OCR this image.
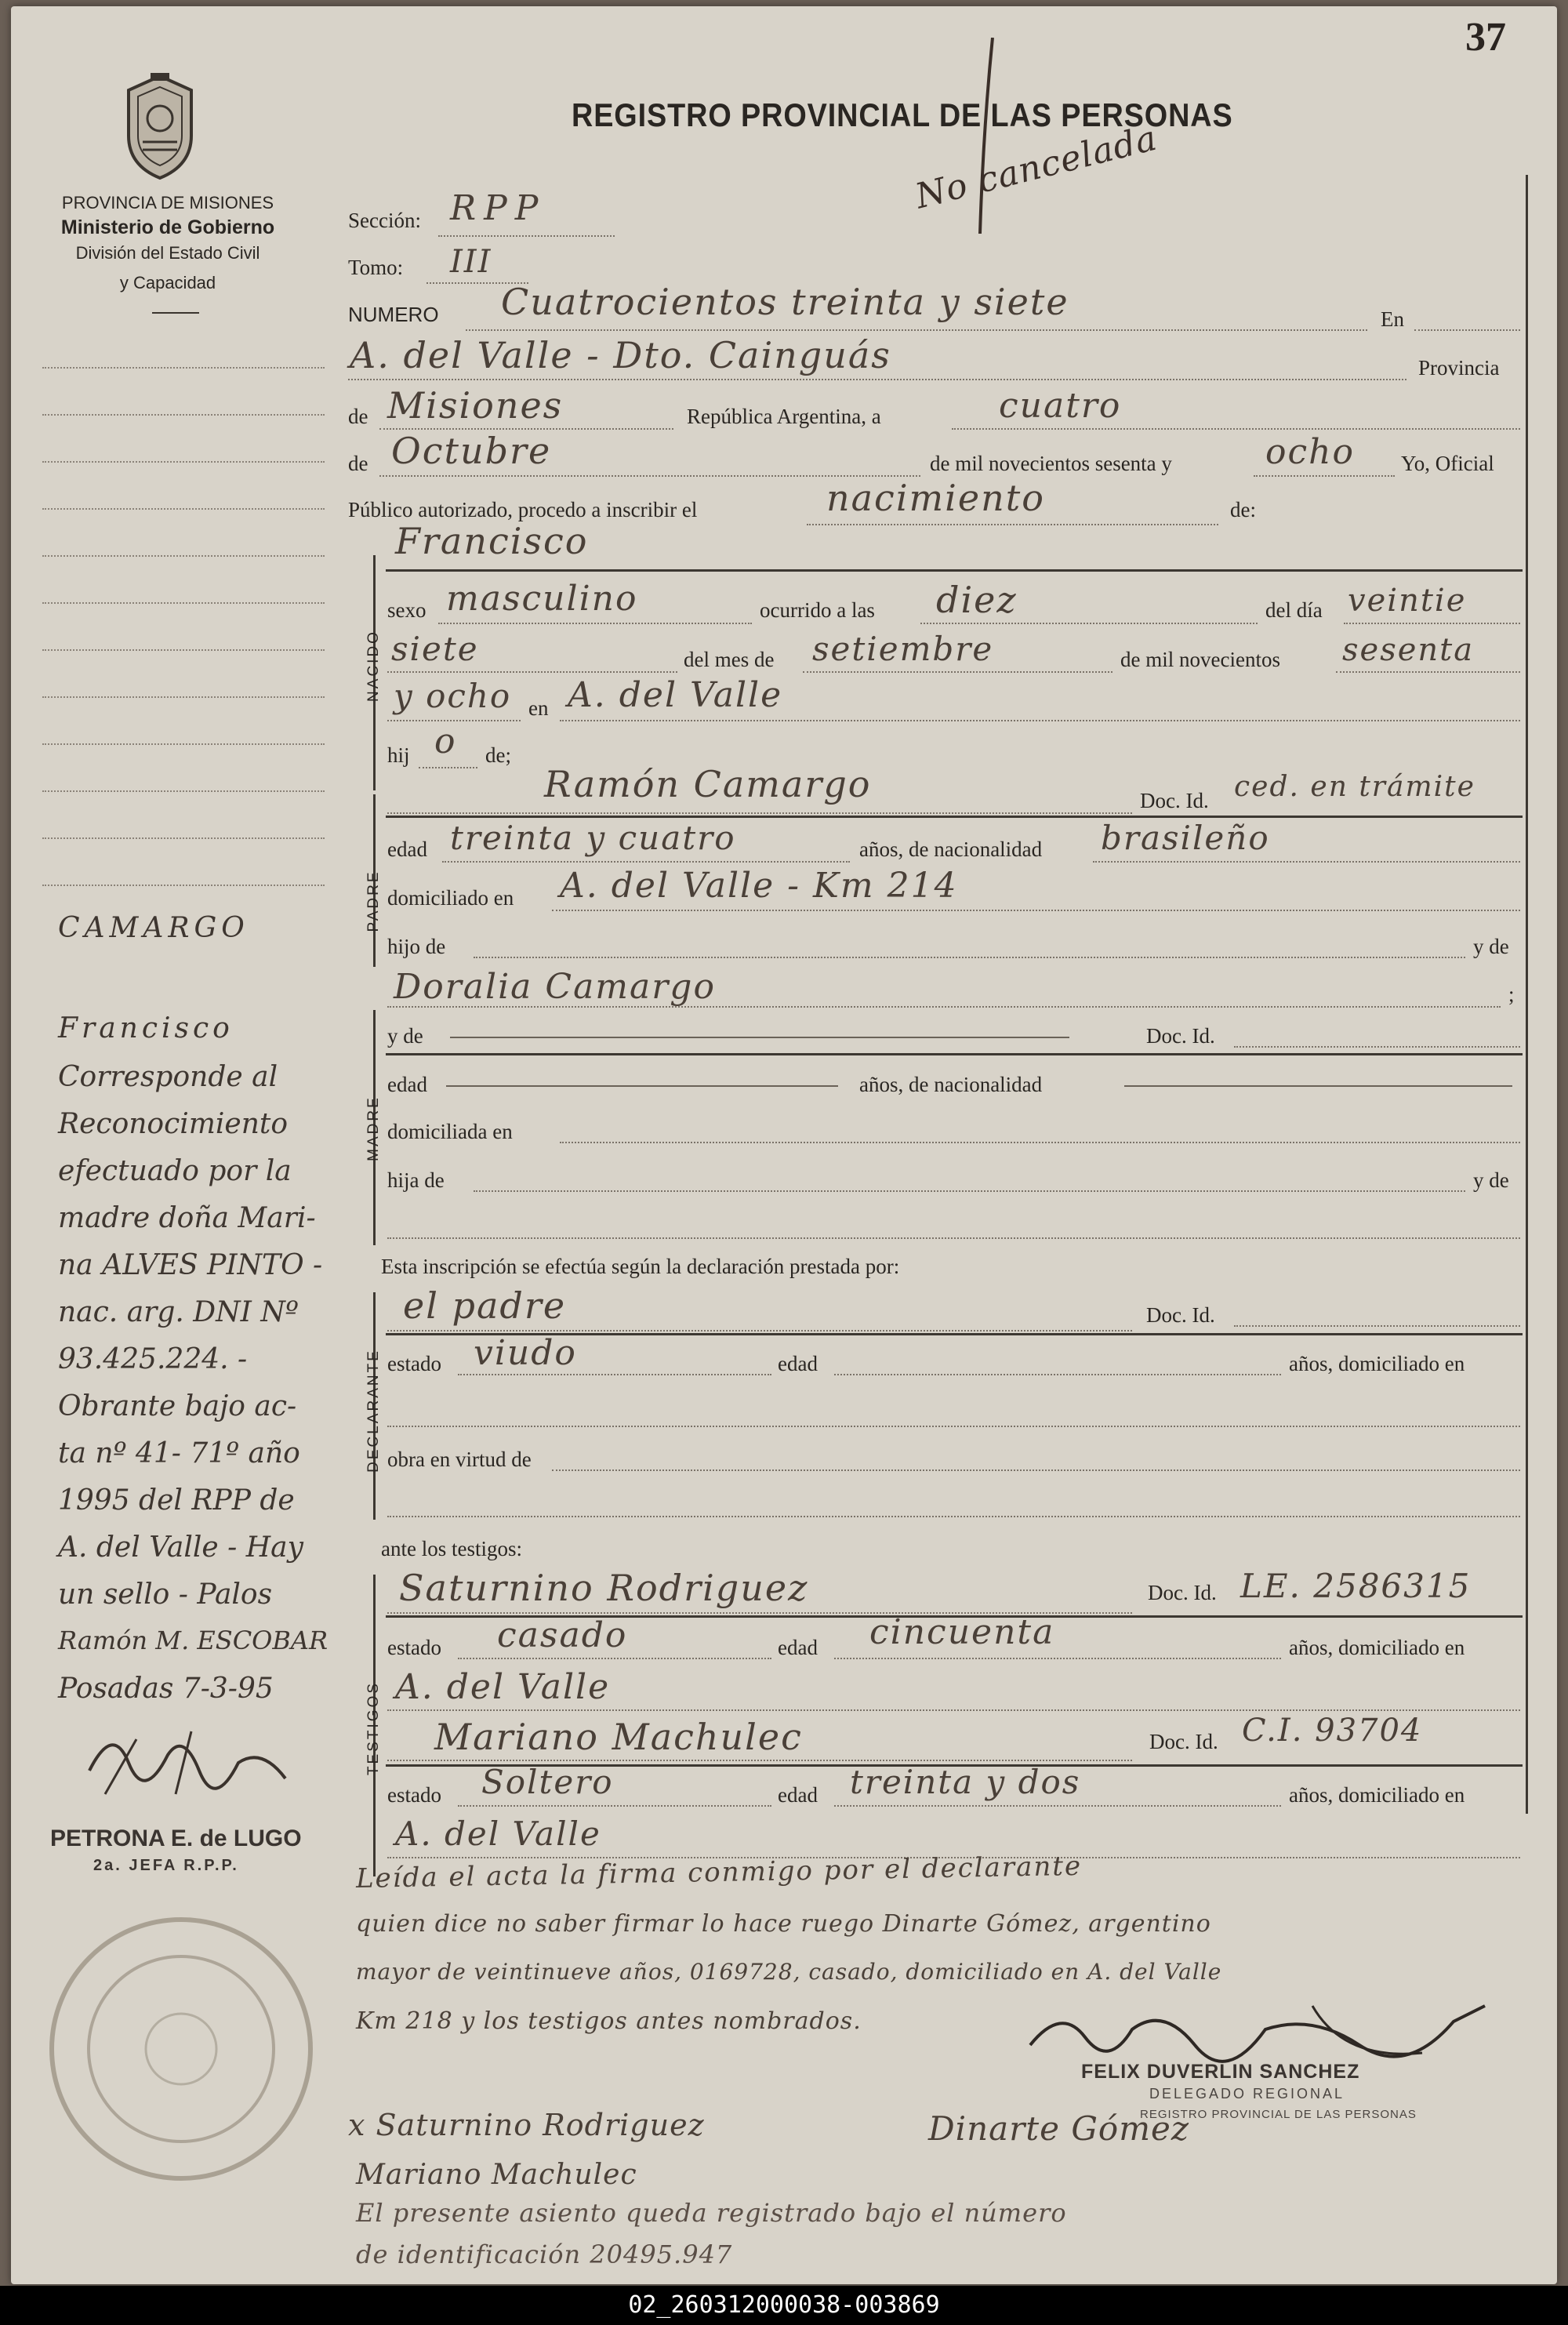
37
PROVINCIA DE MISIONES
Ministerio de Gobierno
División del Estado Civil
y Capacidad
CAMARGO
Francisco
Corresponde al
Reconocimiento
efectuado por la
madre doña Mari-
na ALVES PINTO -
nac. arg. DNI Nº
93.425.224. -
Obrante bajo ac-
ta nº 41- 71º año
1995 del RPP de
A. del Valle - Hay
un sello - Palos
Ramón M. ESCOBAR
Posadas 7-3-95
PETRONA E. de LUGO
2a. JEFA R.P.P.
REGISTRO PROVINCIAL DE LAS PERSONAS
No cancelada
Sección: RPP
Tomo: III
NUMERO Cuatrocientos treinta y siete	En
A. del Valle - Dto. Cainguás	Provincia
de Misiones	República Argentina, a	cuatro
de Octubre	de mil novecientos sesenta y	ocho Yo, Oficial
Público autorizado, procedo a inscribir el	nacimiento	de:
NACIDO
Francisco
sexo masculino	ocurrido a las diez	del día veintie
siete	del mes de setiembre	de mil novecientos sesenta
y ocho en A. del Valle
hij o de;
PADRE
Ramón Camargo	Doc. Id. ced. en trámite
edad treinta y cuatro	años, de nacionalidad brasileño
domiciliado en A. del Valle - Km 214
hijo de	y de
MADRE
Doralia Camargo	;
y de	Doc. Id.
edad	años, de nacionalidad
domiciliada en
hija de	y de
Esta inscripción se efectúa según la declaración prestada por:
DECLARANTE
el padre	Doc. Id.
estado viudo	edad	años, domiciliado en
obra en virtud de
ante los testigos:
TESTIGOS
Saturnino Rodriguez	Doc. Id. LE. 2586315
estado casado	edad cincuenta	años, domiciliado en
A. del Valle
Mariano Machulec	Doc. Id. C.I. 93704
estado Soltero	edad treinta y dos	años, domiciliado en
A. del Valle
Leída el acta la firma conmigo por el declarante
quien dice no saber firmar lo hace ruego Dinarte Gómez, argentino
mayor de veintinueve años, 0169728, casado, domiciliado en A. del Valle
Km 218 y los testigos antes nombrados.
FELIX DUVERLIN SANCHEZ
DELEGADO REGIONAL
REGISTRO PROVINCIAL DE LAS PERSONAS
x Saturnino Rodriguez	Dinarte Gómez
Mariano Machulec
El presente asiento queda registrado bajo el número
de identificación 20495.947
02_260312000038-003869
